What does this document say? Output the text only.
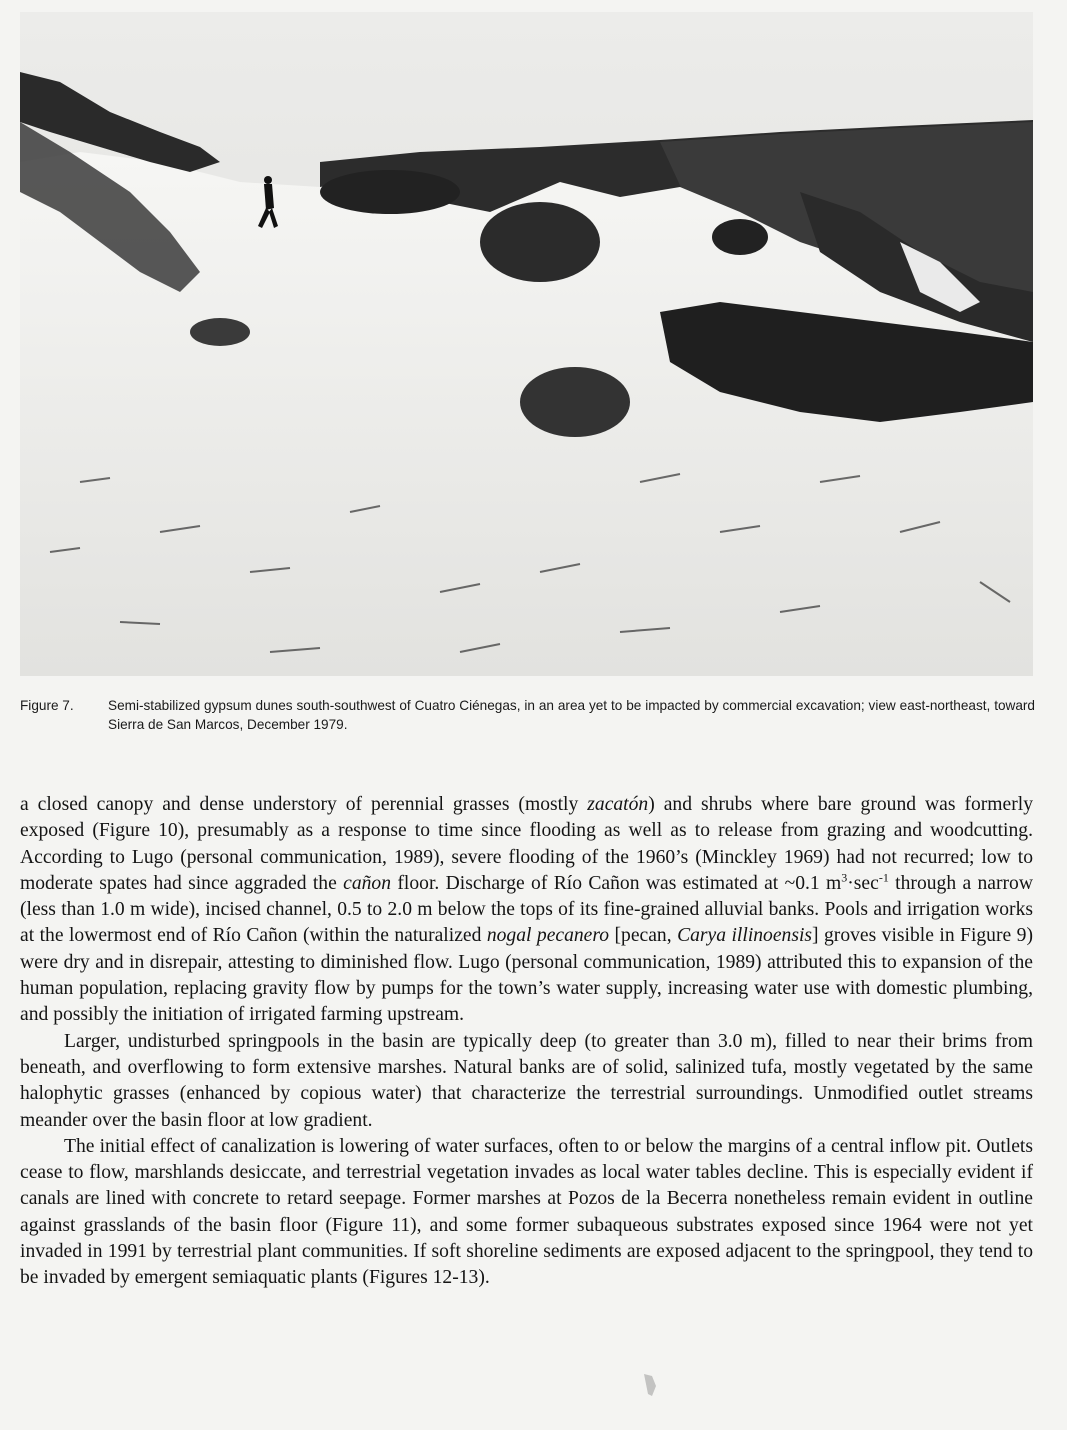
Figure 7.	Semi-stabilized gypsum dunes south-southwest of Cuatro Ciénegas, in an area yet to be impacted by commercial excavation; view east-northeast, toward Sierra de San Marcos, December 1979.

a closed canopy and dense understory of perennial grasses (mostly zacatón) and shrubs where bare ground was formerly exposed (Figure 10), presumably as a response to time since flooding as well as to release from grazing and woodcutting. According to Lugo (personal communication, 1989), severe flooding of the 1960’s (Minckley 1969) had not recurred; low to moderate spates had since aggraded the cañon floor. Discharge of Río Cañon was estimated at ~0.1 $m^3\cdot\sec^{-1}$ through a narrow (less than 1.0 m wide), incised channel, 0.5 to 2.0 m below the tops of its fine-grained alluvial banks. Pools and irrigation works at the lowermost end of Río Cañon (within the naturalized nogal pecanero [pecan, Carya illinoensis] groves visible in Figure 9) were dry and in disrepair, attesting to diminished flow. Lugo (personal communication, 1989) attributed this to expansion of the human population, replacing gravity flow by pumps for the town’s water supply, increasing water use with domestic plumbing, and possibly the initiation of irrigated farming upstream.

Larger, undisturbed springpools in the basin are typically deep (to greater than 3.0 m), filled to near their brims from beneath, and overflowing to form extensive marshes. Natural banks are of solid, salinized tufa, mostly vegetated by the same halophytic grasses (enhanced by copious water) that characterize the terrestrial surroundings. Unmodified outlet streams meander over the basin floor at low gradient.

The initial effect of canalization is lowering of water surfaces, often to or below the margins of a central inflow pit. Outlets cease to flow, marshlands desiccate, and terrestrial vegetation invades as local water tables decline. This is especially evident if canals are lined with concrete to retard seepage. Former marshes at Pozos de la Becerra nonetheless remain evident in outline against grasslands of the basin floor (Figure 11), and some former subaqueous substrates exposed since 1964 were not yet invaded in 1991 by terrestrial plant communities. If soft shoreline sediments are exposed adjacent to the springpool, they tend to be invaded by emergent semiaquatic plants (Figures 12-13).
